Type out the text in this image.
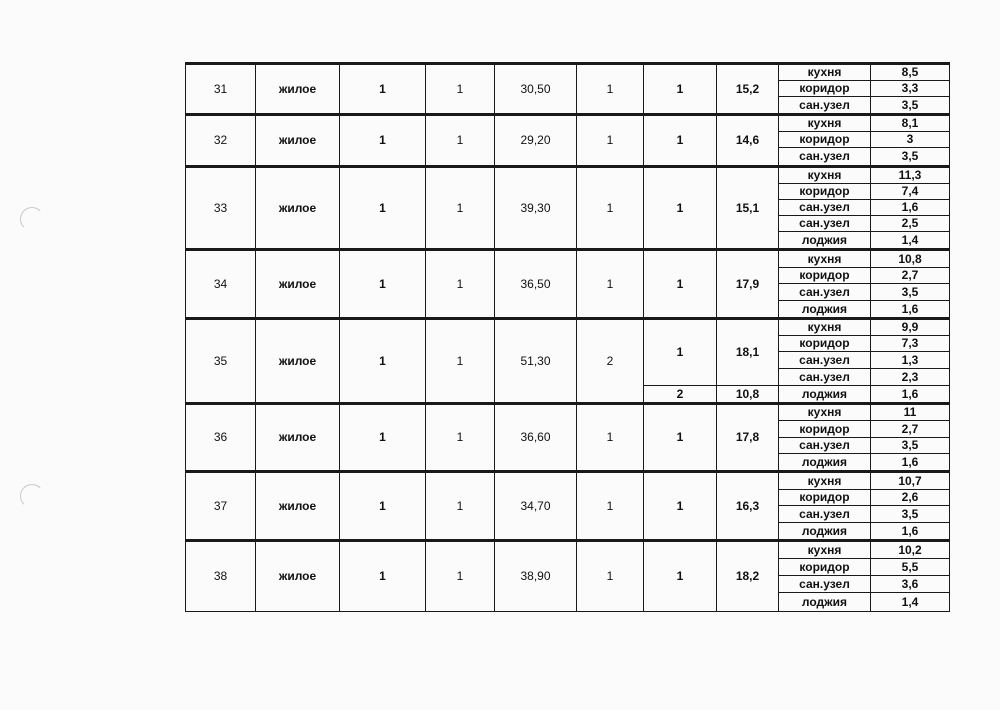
31	жилое	1	1	30,50	1	1	15,2	кухня	8,5
								коридор	3,3
								сан.узел	3,5
32	жилое	1	1	29,20	1	1	14,6	кухня	8,1
								коридор	3
								сан.узел	3,5
33	жилое	1	1	39,30	1	1	15,1	кухня	11,3
								коридор	7,4
								сан.узел	1,6
								сан.узел	2,5
								лоджия	1,4
34	жилое	1	1	36,50	1	1	17,9	кухня	10,8
								коридор	2,7
								сан.узел	3,5
								лоджия	1,6
35	жилое	1	1	51,30	2	1	18,1	кухня	9,9
								коридор	7,3
								сан.узел	1,3
								сан.узел	2,3
						2	10,8	лоджия	1,6
36	жилое	1	1	36,60	1	1	17,8	кухня	11
								коридор	2,7
								сан.узел	3,5
								лоджия	1,6
37	жилое	1	1	34,70	1	1	16,3	кухня	10,7
								коридор	2,6
								сан.узел	3,5
								лоджия	1,6
38	жилое	1	1	38,90	1	1	18,2	кухня	10,2
								коридор	5,5
								сан.узел	3,6
								лоджия	1,4
